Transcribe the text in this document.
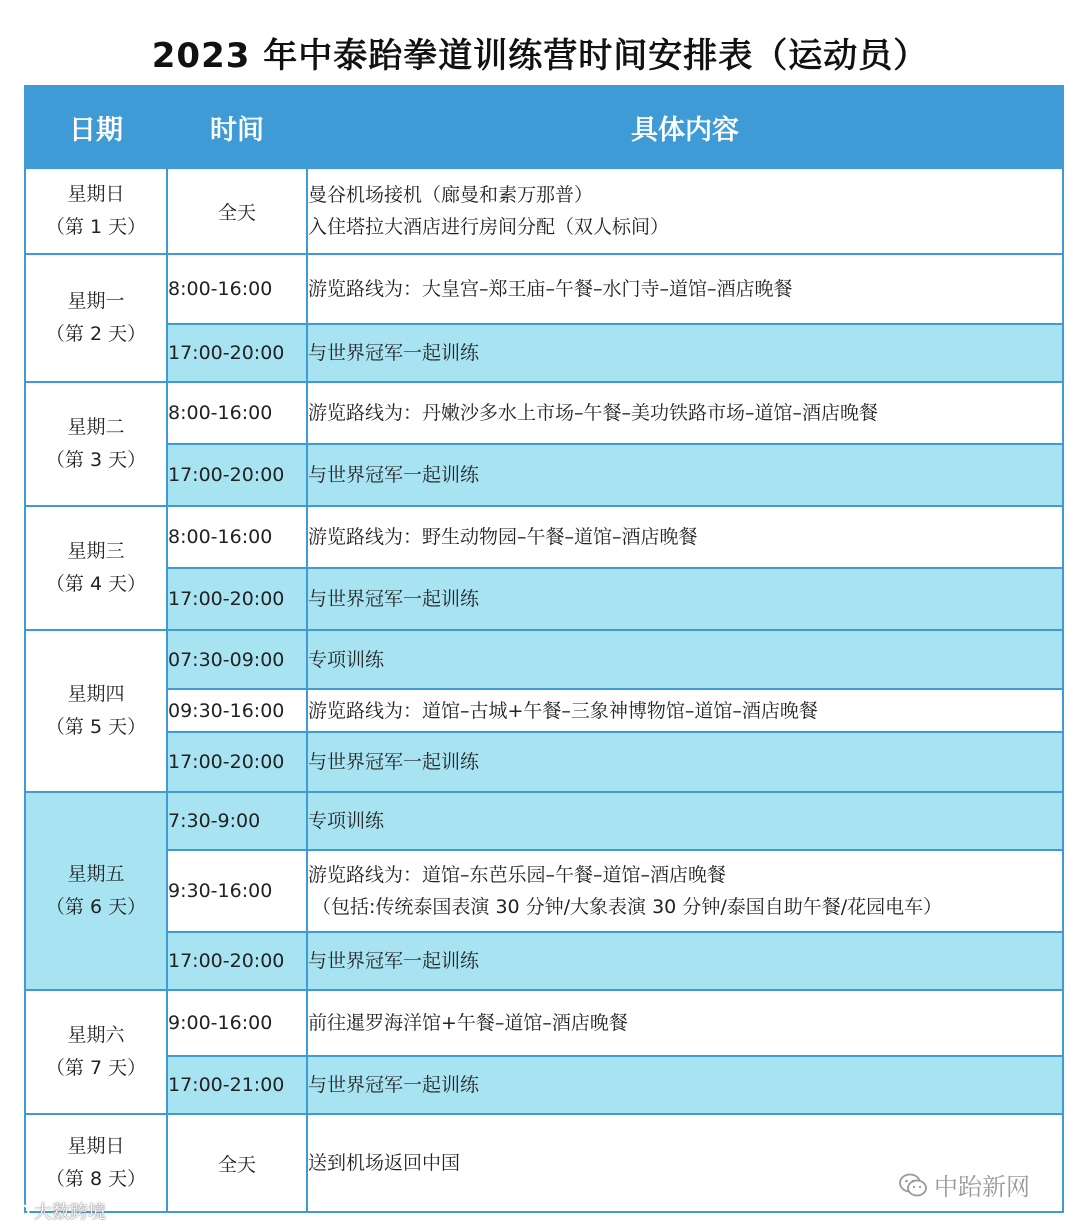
2023 年中泰跆拳道训练营时间安排表（运动员）
日期	时间	具体内容
星期日
（第 1 天）	全天	曼谷机场接机（廊曼和素万那普）
入住塔拉大酒店进行房间分配（双人标间）
星期一
（第 2 天）	8:00-16:00	游览路线为：大皇宫–郑王庙–午餐–水门寺–道馆–酒店晚餐
	17:00-20:00	与世界冠军一起训练
星期二
（第 3 天）	8:00-16:00	游览路线为：丹嫩沙多水上市场–午餐–美功铁路市场–道馆–酒店晚餐
	17:00-20:00	与世界冠军一起训练
星期三
（第 4 天）	8:00-16:00	游览路线为：野生动物园–午餐–道馆–酒店晚餐
	17:00-20:00	与世界冠军一起训练
星期四
（第 5 天）	07:30-09:00	专项训练
	09:30-16:00	游览路线为：道馆–古城+午餐–三象神博物馆–道馆–酒店晚餐
	17:00-20:00	与世界冠军一起训练
星期五
（第 6 天）	7:30-9:00	专项训练
	9:30-16:00	游览路线为：道馆–东芭乐园–午餐–道馆–酒店晚餐

（包括:传统泰国表演 30 分钟/大象表演 30 分钟/泰国自助午餐/花园电车）

	17:00-20:00	与世界冠军一起训练
星期六
（第 7 天）	9:00-16:00	前往暹罗海洋馆+午餐–道馆–酒店晚餐
	17:00-21:00	与世界冠军一起训练
星期日
（第 8 天）	全天	送到机场返回中国
中跆新网
大数跨境
